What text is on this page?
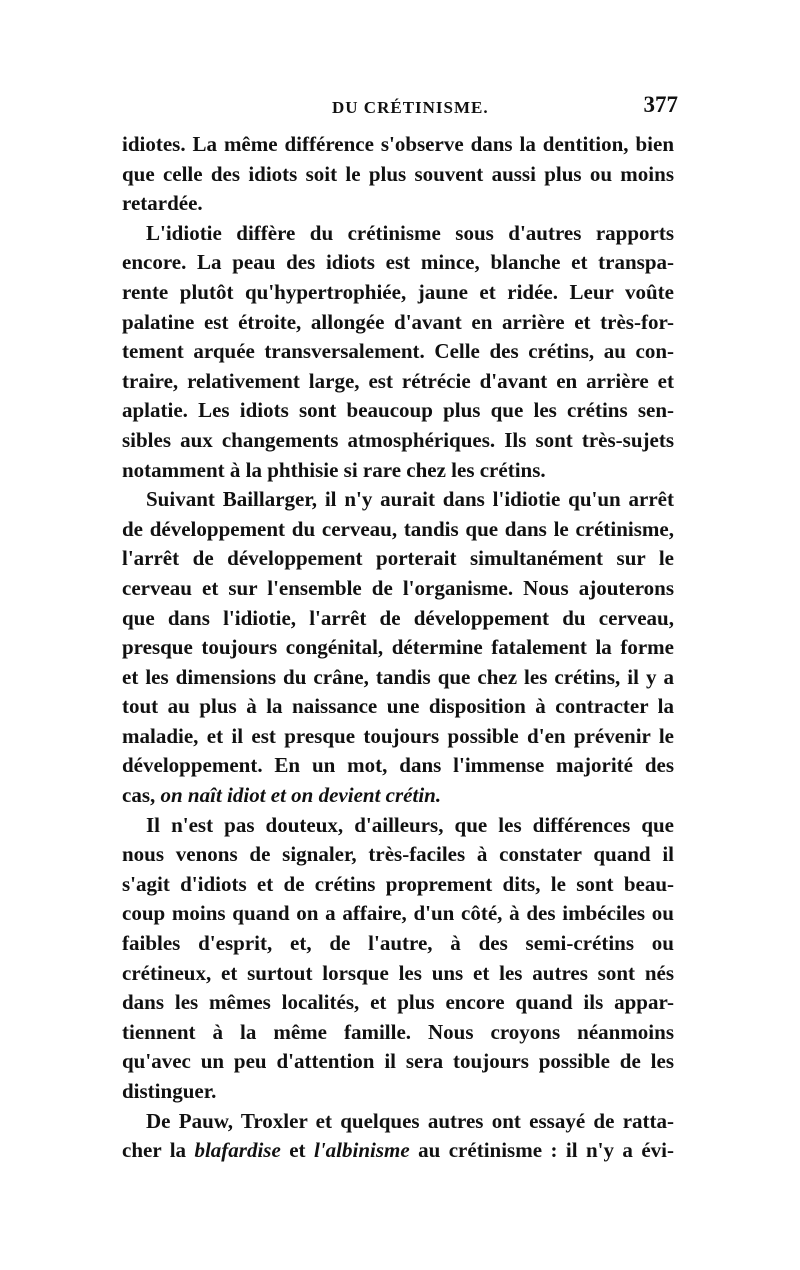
DU CRÉTINISME.	377
idiotes. La même différence s'observe dans la dentition, bien
que celle des idiots soit le plus souvent aussi plus ou moins
retardée.
L'idiotie diffère du crétinisme sous d'autres rapports
encore. La peau des idiots est mince, blanche et transpa-
rente plutôt qu'hypertrophiée, jaune et ridée. Leur voûte
palatine est étroite, allongée d'avant en arrière et très-for-
tement arquée transversalement. Celle des crétins, au con-
traire, relativement large, est rétrécie d'avant en arrière et
aplatie. Les idiots sont beaucoup plus que les crétins sen-
sibles aux changements atmosphériques. Ils sont très-sujets
notamment à la phthisie si rare chez les crétins.
Suivant Baillarger, il n'y aurait dans l'idiotie qu'un arrêt
de développement du cerveau, tandis que dans le crétinisme,
l'arrêt de développement porterait simultanément sur le
cerveau et sur l'ensemble de l'organisme. Nous ajouterons
que dans l'idiotie, l'arrêt de développement du cerveau,
presque toujours congénital, détermine fatalement la forme
et les dimensions du crâne, tandis que chez les crétins, il y a
tout au plus à la naissance une disposition à contracter la
maladie, et il est presque toujours possible d'en prévenir le
développement. En un mot, dans l'immense majorité des
cas, on naît idiot et on devient crétin.
Il n'est pas douteux, d'ailleurs, que les différences que
nous venons de signaler, très-faciles à constater quand il
s'agit d'idiots et de crétins proprement dits, le sont beau-
coup moins quand on a affaire, d'un côté, à des imbéciles ou
faibles d'esprit, et, de l'autre, à des semi-crétins ou
crétineux, et surtout lorsque les uns et les autres sont nés
dans les mêmes localités, et plus encore quand ils appar-
tiennent à la même famille. Nous croyons néanmoins
qu'avec un peu d'attention il sera toujours possible de les
distinguer.
De Pauw, Troxler et quelques autres ont essayé de ratta-
cher la blafardise et l'albinisme au crétinisme : il n'y a évi-
